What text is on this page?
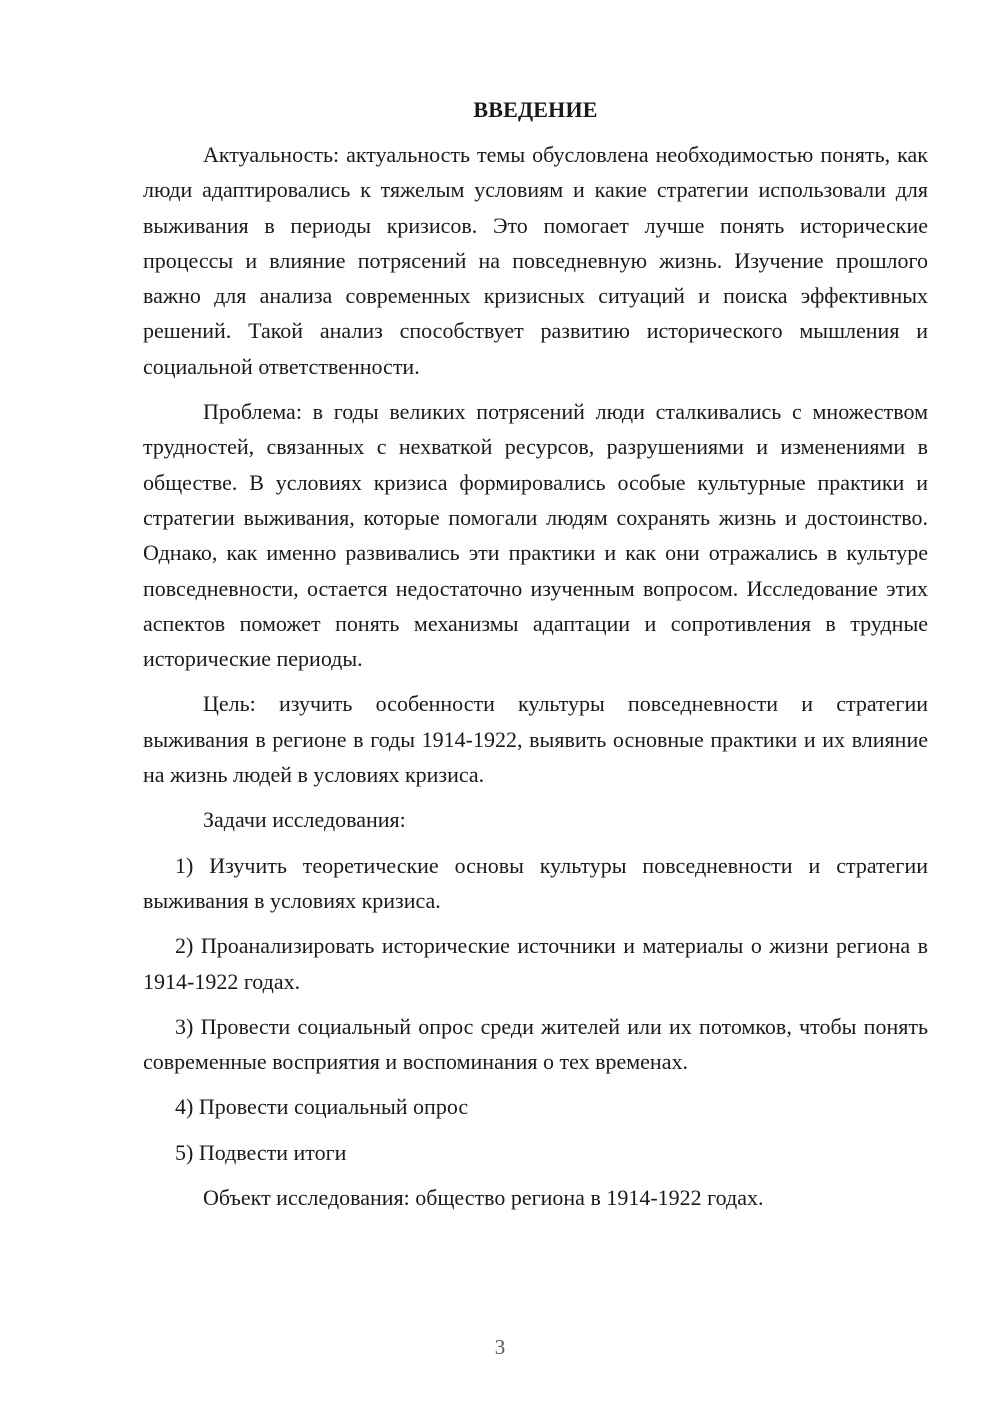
ВВЕДЕНИЕ

Актуальность: актуальность темы обусловлена необходимостью понять, как люди адаптировались к тяжелым условиям и какие стратегии использовали для выживания в периоды кризисов. Это помогает лучше понять исторические процессы и влияние потрясений на повседневную жизнь. Изучение прошлого важно для анализа современных кризисных ситуаций и поиска эффективных решений. Такой анализ способствует развитию исторического мышления и социальной ответственности.

Проблема: в годы великих потрясений люди сталкивались с множеством трудностей, связанных с нехваткой ресурсов, разрушениями и изменениями в обществе. В условиях кризиса формировались особые культурные практики и стратегии выживания, которые помогали людям сохранять жизнь и достоинство. Однако, как именно развивались эти практики и как они отражались в культуре повседневности, остается недостаточно изученным вопросом. Исследование этих аспектов поможет понять механизмы адаптации и сопротивления в трудные исторические периоды.

Цель: изучить особенности культуры повседневности и стратегии выживания в регионе в годы 1914-1922, выявить основные практики и их влияние на жизнь людей в условиях кризиса.

Задачи исследования:

1) Изучить теоретические основы культуры повседневности и стратегии выживания в условиях кризиса.

2) Проанализировать исторические источники и материалы о жизни региона в 1914-1922 годах.

3) Провести социальный опрос среди жителей или их потомков, чтобы понять современные восприятия и воспоминания о тех временах.

4) Провести социальный опрос

5) Подвести итоги

Объект исследования: общество региона в 1914-1922 годах.

3
